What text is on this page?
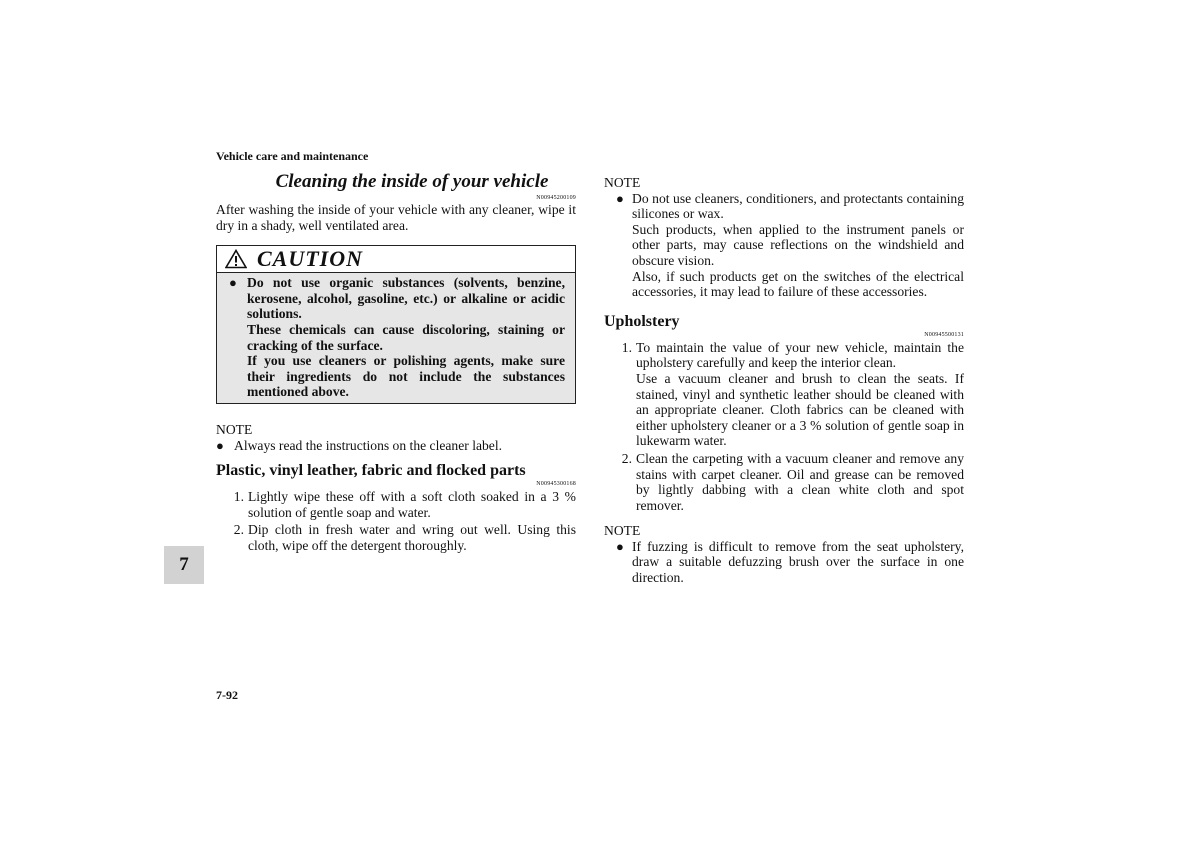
Vehicle care and maintenance
Cleaning the inside of your vehicle
N00945200109
After washing the inside of your vehicle with any cleaner, wipe it dry in a shady, well ventilated area.
CAUTION
● Do not use organic substances (solvents, benzine, kerosene, alcohol, gasoline, etc.) or alkaline or acidic solutions.
These chemicals can cause discoloring, staining or cracking of the surface.
If you use cleaners or polishing agents, make sure their ingredients do not include the substances mentioned above.
NOTE
● Always read the instructions on the cleaner label.
Plastic, vinyl leather, fabric and flocked parts
N00945300168
1. Lightly wipe these off with a soft cloth soaked in a 3 % solution of gentle soap and water.
2. Dip cloth in fresh water and wring out well. Using this cloth, wipe off the detergent thoroughly.
NOTE
● Do not use cleaners, conditioners, and protectants containing silicones or wax.
Such products, when applied to the instrument panels or other parts, may cause reflections on the windshield and obscure vision.
Also, if such products get on the switches of the electrical accessories, it may lead to failure of these accessories.
Upholstery
N00945500131
1. To maintain the value of your new vehicle, maintain the upholstery carefully and keep the interior clean.
Use a vacuum cleaner and brush to clean the seats. If stained, vinyl and synthetic leather should be cleaned with an appropriate cleaner. Cloth fabrics can be cleaned with either upholstery cleaner or a 3 % solution of gentle soap in lukewarm water.
2. Clean the carpeting with a vacuum cleaner and remove any stains with carpet cleaner. Oil and grease can be removed by lightly dabbing with a clean white cloth and spot remover.
NOTE
● If fuzzing is difficult to remove from the seat upholstery, draw a suitable defuzzing brush over the surface in one direction.
7
7-92
